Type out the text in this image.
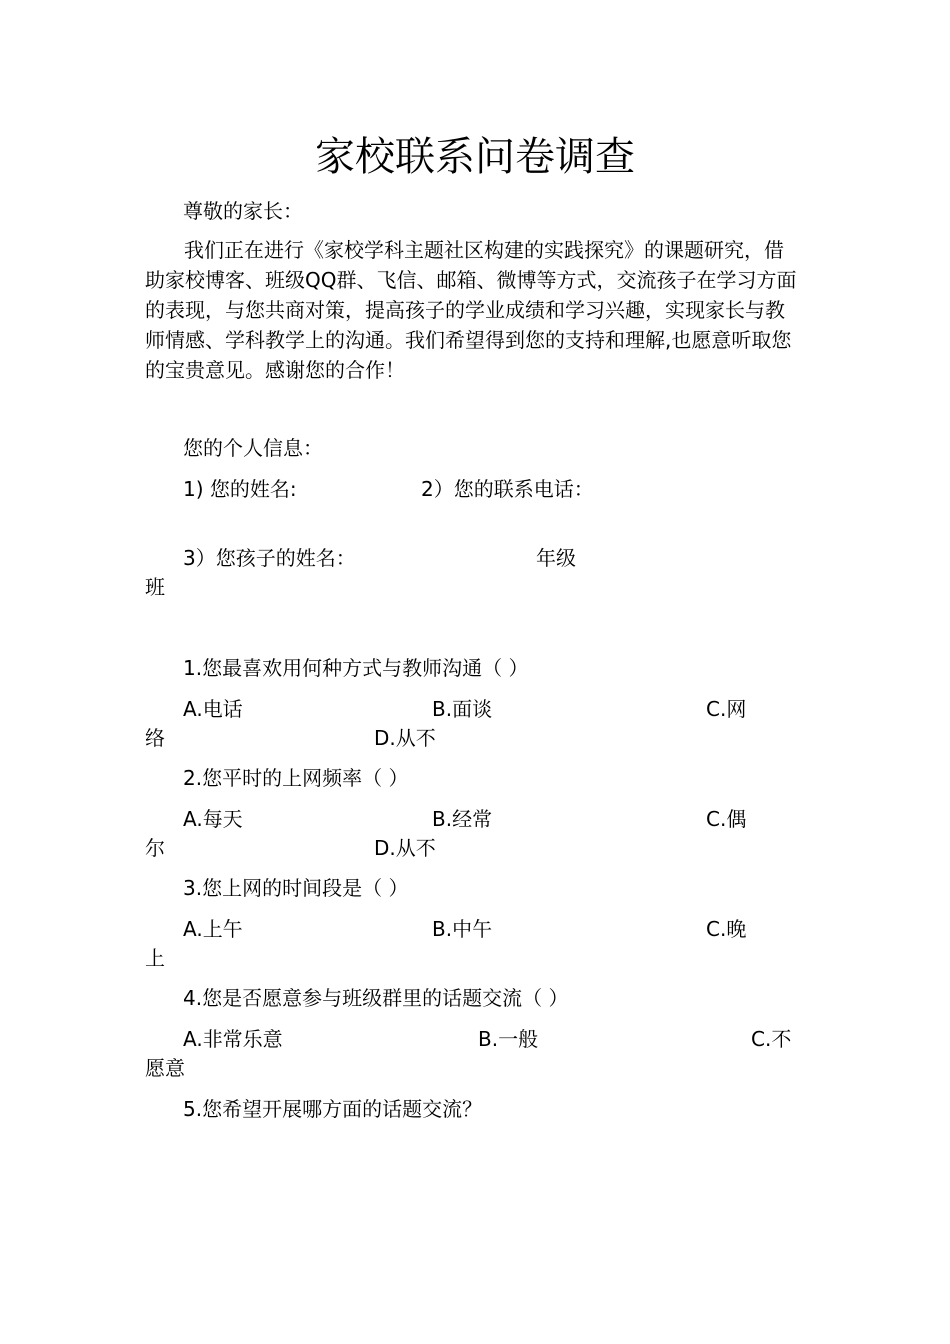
家校联系问卷调查
尊敬的家长：
我们正在进行《家校学科主题社区构建的实践探究》的课题研究，借助家校博客、班级QQ群、飞信、邮箱、微博等方式，交流孩子在学习方面的表现，与您共商对策，提高孩子的学业成绩和学习兴趣，实现家长与教师情感、学科教学上的沟通。我们希望得到您的支持和理解,也愿意听取您的宝贵意见。感谢您的合作！
您的个人信息：
1) 您的姓名:	2）您的联系电话：
3）您孩子的姓名：	年级
班
1.您最喜欢用何种方式与教师沟通（ ）
A.电话	B.面谈	C.网
络	D.从不
2.您平时的上网频率（ ）
A.每天	B.经常	C.偶
尔	D.从不
3.您上网的时间段是（ ）
A.上午	B.中午	C.晚
上
4.您是否愿意参与班级群里的话题交流（ ）
A.非常乐意	B.一般	C.不
愿意
5.您希望开展哪方面的话题交流？
